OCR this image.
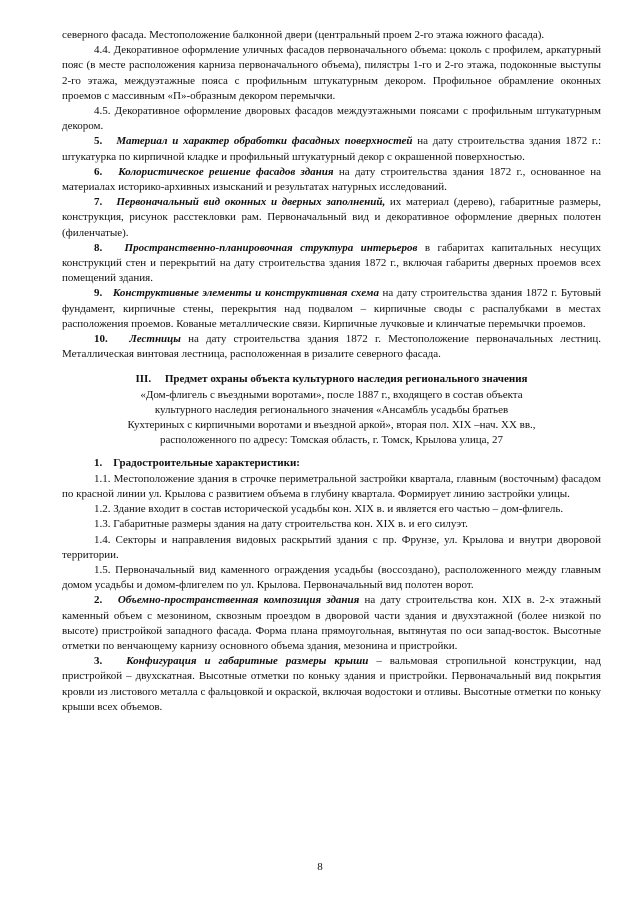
северного фасада. Местоположение балконной двери (центральный проем 2-го этажа южного фасада).

4.4. Декоративное оформление уличных фасадов первоначального объема: цоколь с профилем, аркатурный пояс (в месте расположения карниза первоначального объема), пилястры 1-го и 2-го этажа, подоконные выступы 2-го этажа, междуэтажные пояса с профильным штукатурным декором. Профильное обрамление оконных проемов с массивным «П»-образным декором перемычки.

4.5. Декоративное оформление дворовых фасадов междуэтажными поясами с профильным штукатурным декором.

5. Материал и характер обработки фасадных поверхностей на дату строительства здания 1872 г.: штукатурка по кирпичной кладке и профильный штукатурный декор с окрашенной поверхностью.

6. Колористическое решение фасадов здания на дату строительства здания 1872 г., основанное на материалах историко-архивных изысканий и результатах натурных исследований.

7. Первоначальный вид оконных и дверных заполнений, их материал (дерево), габаритные размеры, конструкция, рисунок расстекловки рам. Первоначальный вид и декоративное оформление дверных полотен (филенчатые).

8. Пространственно-планировочная структура интерьеров в габаритах капитальных несущих конструкций стен и перекрытий на дату строительства здания 1872 г., включая габариты дверных проемов всех помещений здания.

9. Конструктивные элементы и конструктивная схема на дату строительства здания 1872 г. Бутовый фундамент, кирпичные стены, перекрытия над подвалом – кирпичные своды с распалубками в местах расположения проемов. Кованые металлические связи. Кирпичные лучковые и клинчатые перемычки проемов.

10. Лестницы на дату строительства здания 1872 г. Местоположение первоначальных лестниц. Металлическая винтовая лестница, расположенная в ризалите северного фасада.

III. Предмет охраны объекта культурного наследия регионального значения
«Дом-флигель с въездными воротами», после 1887 г., входящего в состав объекта
культурного наследия регионального значения «Ансамбль усадьбы братьев
Кухтериных с кирпичными воротами и въездной аркой», вторая пол. XIX –нач. XX вв.,
расположенного по адресу: Томская область, г. Томск, Крылова улица, 27

1. Градостроительные характеристики:

1.1. Местоположение здания в строчке периметральной застройки квартала, главным (восточным) фасадом по красной линии ул. Крылова с развитием объема в глубину квартала. Формирует линию застройки улицы.

1.2. Здание входит в состав исторической усадьбы кон. XIX в. и является его частью – дом-флигель.

1.3. Габаритные размеры здания на дату строительства кон. XIX в. и его силуэт.

1.4. Секторы и направления видовых раскрытий здания с пр. Фрунзе, ул. Крылова и внутри дворовой территории.

1.5. Первоначальный вид каменного ограждения усадьбы (воссоздано), расположенного между главным домом усадьбы и домом-флигелем по ул. Крылова. Первоначальный вид полотен ворот.

2. Объемно-пространственная композиция здания на дату строительства кон. XIX в. 2-х этажный каменный объем с мезонином, сквозным проездом в дворовой части здания и двухэтажной (более низкой по высоте) пристройкой западного фасада. Форма плана прямоугольная, вытянутая по оси запад-восток. Высотные отметки по венчающему карнизу основного объема здания, мезонина и пристройки.

3. Конфигурация и габаритные размеры крыши – вальмовая стропильной конструкции, над пристройкой – двухскатная. Высотные отметки по коньку здания и пристройки. Первоначальный вид покрытия кровли из листового металла с фальцовкой и окраской, включая водостоки и отливы. Высотные отметки по коньку крыши всех объемов.

8
